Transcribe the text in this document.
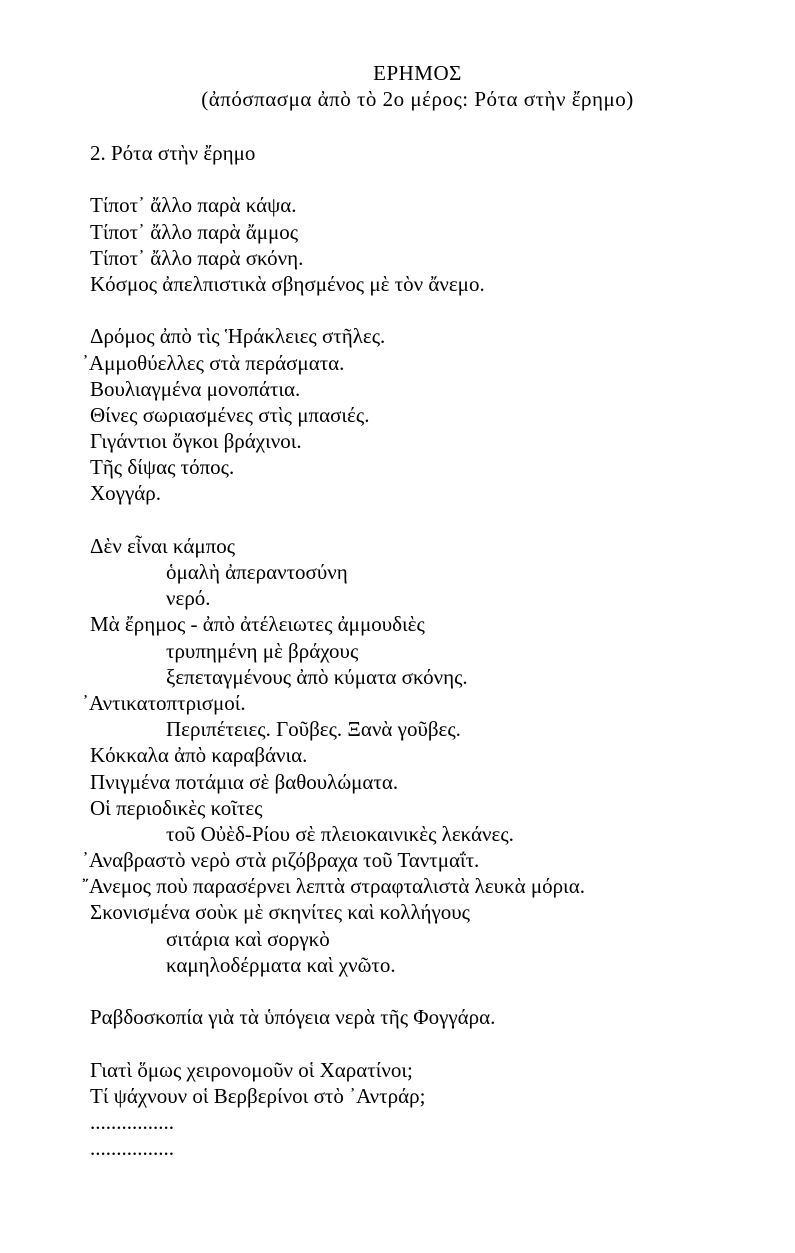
ΕΡΗΜΟΣ
(ἀπόσπασμα ἀπὸ τὸ 2ο μέρος: Ρότα στὴν ἔρημο)
2. Ρότα στὴν ἔρημο
Τίποτ᾽ ἄλλο παρὰ κάψα.
Τίποτ᾽ ἄλλο παρὰ ἄμμος
Τίποτ᾽ ἄλλο παρὰ σκόνη.
Κόσμος ἀπελπιστικὰ σβησμένος μὲ τὸν ἄνεμο.
Δρόμος ἀπὸ τὶς Ἡράκλειες στῆλες.
᾽Αμμοθύελλες στὰ περάσματα.
Βουλιαγμένα μονοπάτια.
Θίνες σωριασμένες στὶς μπασιές.
Γιγάντιοι ὄγκοι βράχινοι.
Τῆς δίψας τόπος.
Χογγάρ.
Δὲν εἶναι κάμπος
ὁμαλὴ ἀπεραντοσύνη
νερό.
Μὰ ἔρημος - ἀπὸ ἀτέλειωτες ἀμμουδιὲς
τρυπημένη μὲ βράχους
ξεπεταγμένους ἀπὸ κύματα σκόνης.
᾽Αντικατοπτρισμοί.
Περιπέτειες. Γοῦβες. Ξανὰ γοῦβες.
Κόκκαλα ἀπὸ καραβάνια.
Πνιγμένα ποτάμια σὲ βαθουλώματα.
Οἱ περιοδικὲς κοῖτες
τοῦ Οὐὲδ-Ρίου σὲ πλειοκαινικὲς λεκάνες.
᾽Αναβραστὸ νερὸ στὰ ριζόβραχα τοῦ Ταντμαΐτ.
῎Ανεμος ποὺ παρασέρνει λεπτὰ στραφταλιστὰ λευκὰ μόρια.
Σκονισμένα σοὺκ μὲ σκηνίτες καὶ κολλήγους
σιτάρια καὶ σοργκὸ
καμηλοδέρματα καὶ χνῶτο.
Ραβδοσκοπία γιὰ τὰ ὑπόγεια νερὰ τῆς Φογγάρα.
Γιατὶ ὅμως χειρονομοῦν οἱ Χαρατίνοι;
Τί ψάχνουν οἱ Βερβερίνοι στὸ ᾽Αντράρ;
................
................
